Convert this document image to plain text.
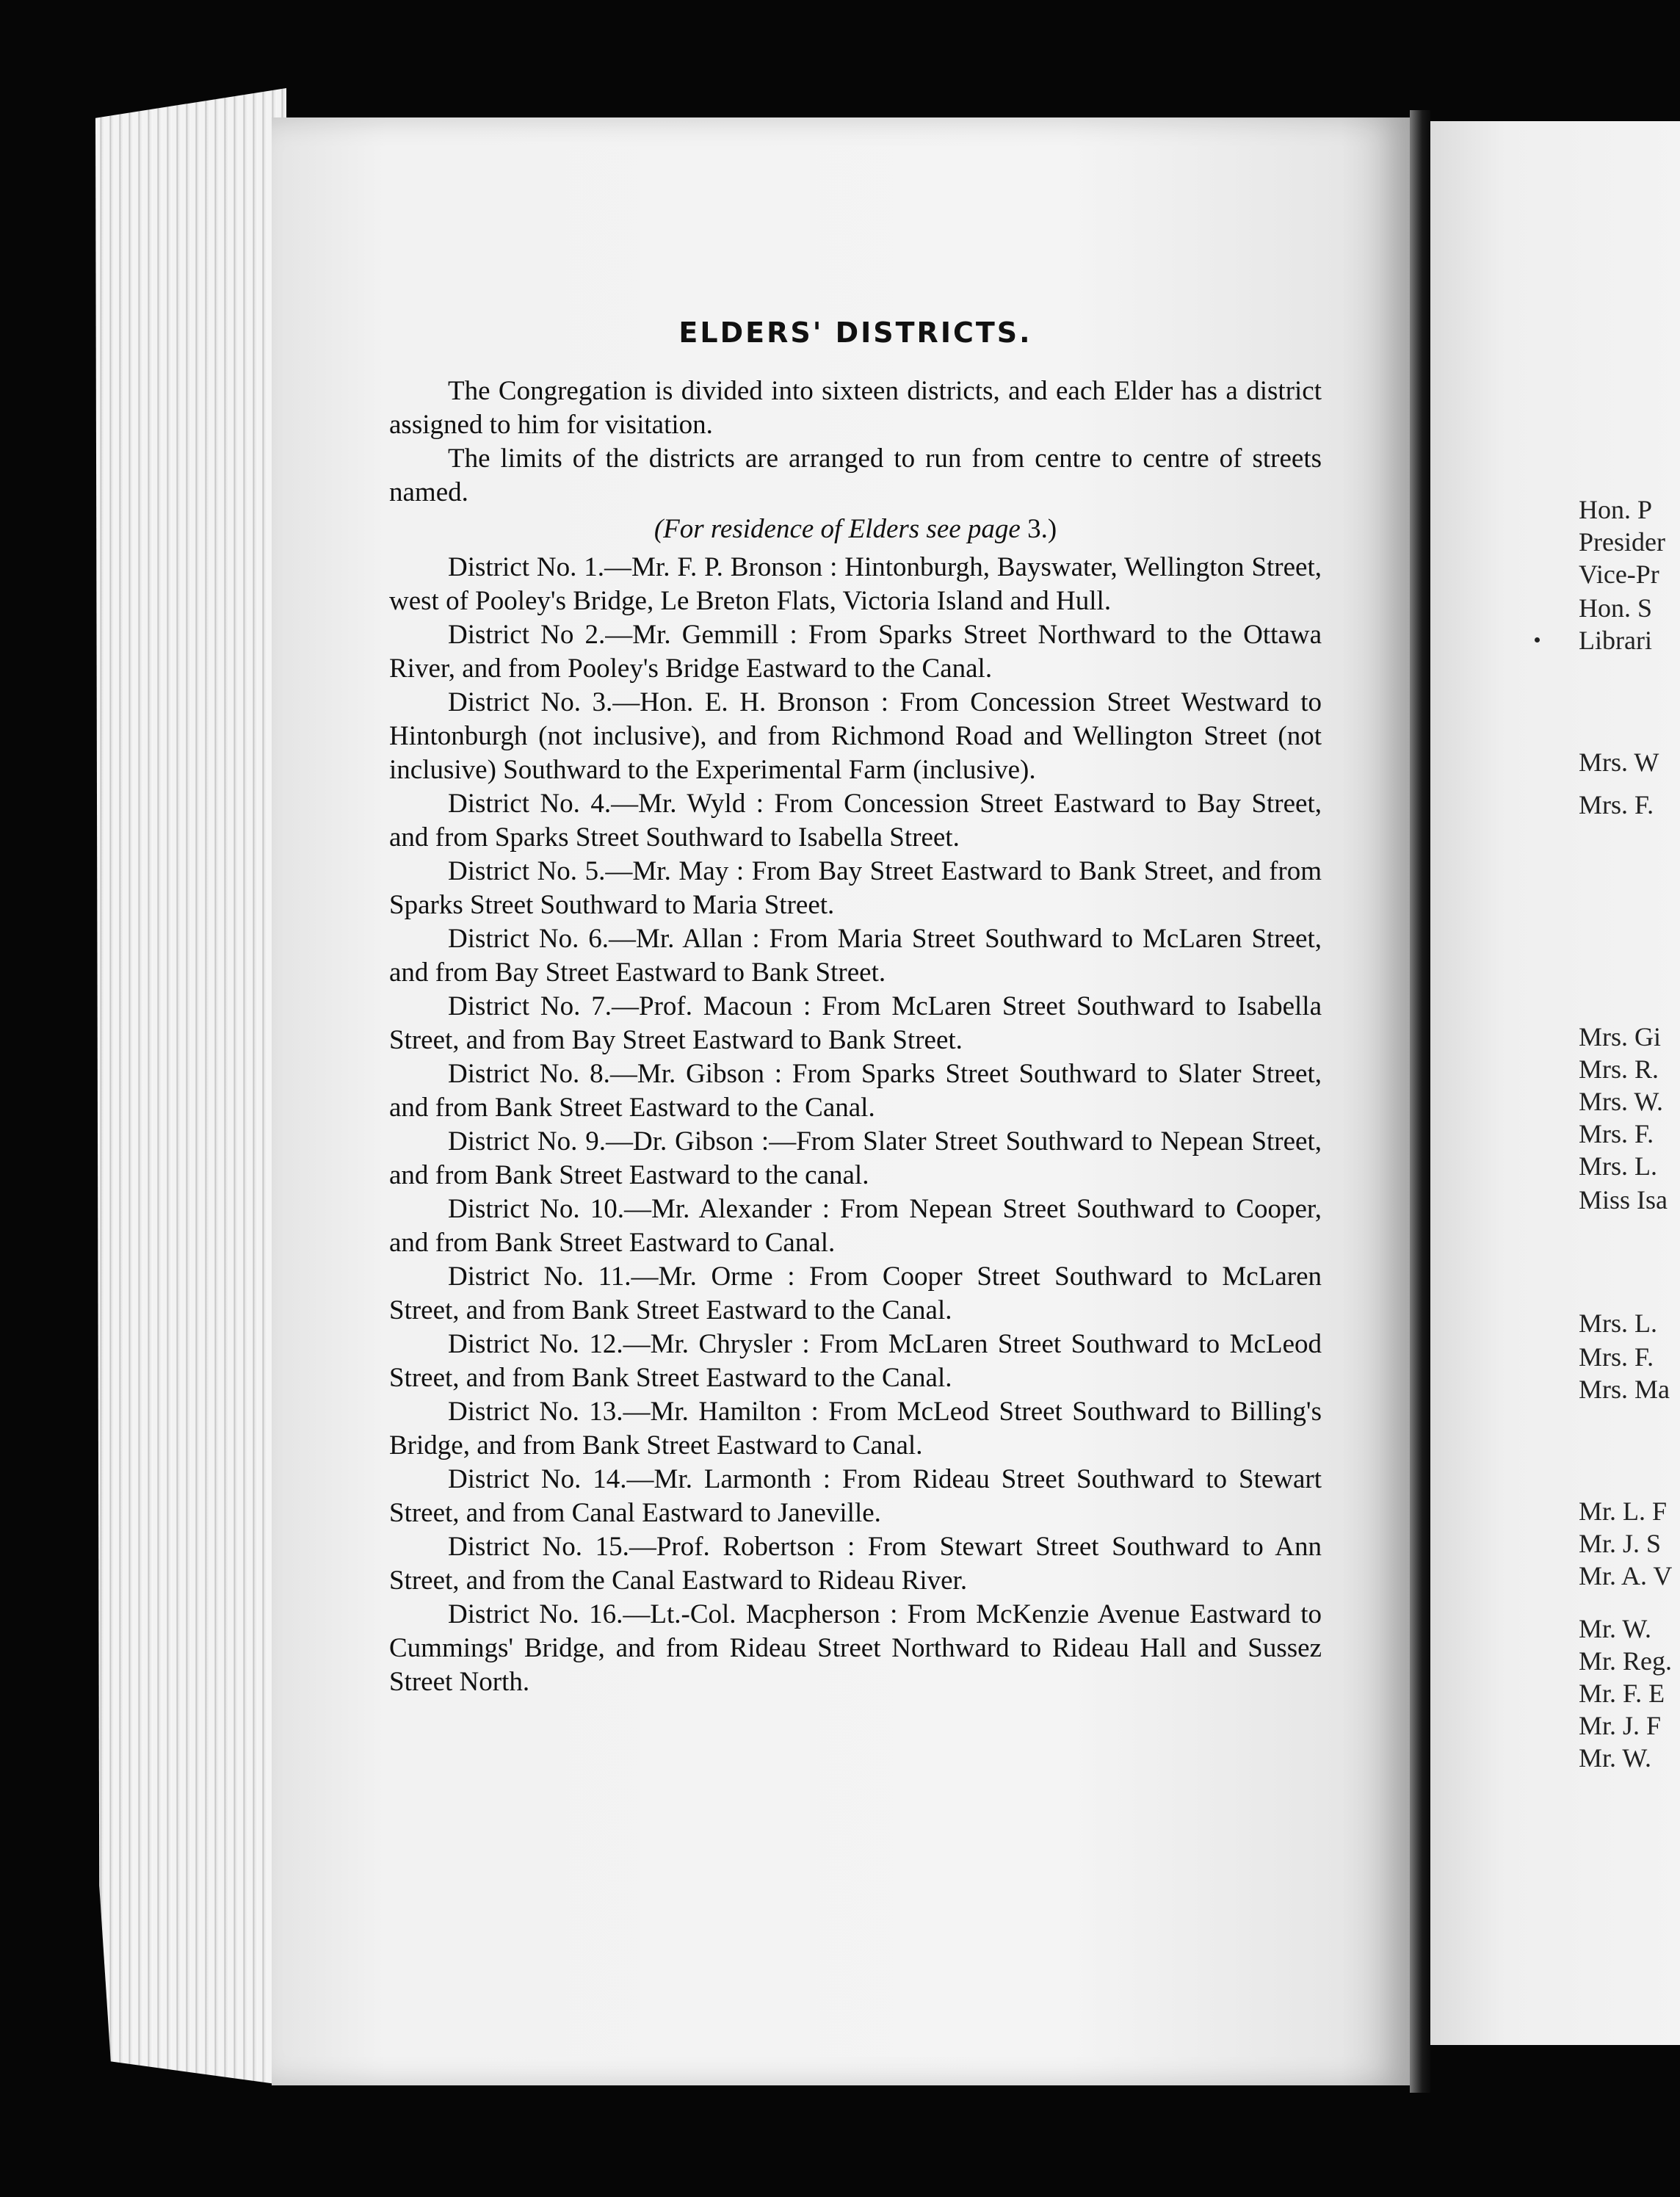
ELDERS' DISTRICTS.

The Congregation is divided into sixteen districts, and each Elder has a district assigned to him for visitation.

The limits of the districts are arranged to run from centre to centre of streets named.

(For residence of Elders see page 3.)

District No. 1.—Mr. F. P. Bronson : Hintonburgh, Bayswater, Wellington Street, west of Pooley's Bridge, Le Breton Flats, Victoria Island and Hull.

District No 2.—Mr. Gemmill : From Sparks Street Northward to the Ottawa River, and from Pooley's Bridge Eastward to the Canal.

District No. 3.—Hon. E. H. Bronson : From Concession Street Westward to Hintonburgh (not inclusive), and from Richmond Road and Wellington Street (not inclusive) Southward to the Experimental Farm (inclusive).

District No. 4.—Mr. Wyld : From Concession Street Eastward to Bay Street, and from Sparks Street Southward to Isabella Street.

District No. 5.—Mr. May : From Bay Street Eastward to Bank Street, and from Sparks Street Southward to Maria Street.

District No. 6.—Mr. Allan : From Maria Street Southward to McLaren Street, and from Bay Street Eastward to Bank Street.

District No. 7.—Prof. Macoun : From McLaren Street Southward to Isabella Street, and from Bay Street Eastward to Bank Street.

District No. 8.—Mr. Gibson : From Sparks Street Southward to Slater Street, and from Bank Street Eastward to the Canal.

District No. 9.—Dr. Gibson :—From Slater Street Southward to Nepean Street, and from Bank Street Eastward to the canal.

District No. 10.—Mr. Alexander : From Nepean Street Southward to Cooper, and from Bank Street Eastward to Canal.

District No. 11.—Mr. Orme : From Cooper Street Southward to McLaren Street, and from Bank Street Eastward to the Canal.

District No. 12.—Mr. Chrysler : From McLaren Street Southward to McLeod Street, and from Bank Street Eastward to the Canal.

District No. 13.—Mr. Hamilton : From McLeod Street Southward to Billing's Bridge, and from Bank Street Eastward to Canal.

District No. 14.—Mr. Larmonth : From Rideau Street Southward to Stewart Street, and from Canal Eastward to Janeville.

District No. 15.—Prof. Robertson : From Stewart Street Southward to Ann Street, and from the Canal Eastward to Rideau River.

District No. 16.—Lt.-Col. Macpherson : From McKenzie Avenue Eastward to Cummings' Bridge, and from Rideau Street Northward to Rideau Hall and Sussez Street North.

Hon. P
Presider
Vice-Pr
Hon. S
Librari
Mrs. W
Mrs. F.
Mrs. Gi
Mrs. R.
Mrs. W.
Mrs. F.
Mrs. L.
Miss Isa
Mrs. L.
Mrs. F.
Mrs. Ma
Mr. L. F
Mr. J. S
Mr. A. V
Mr. W.
Mr. Reg.
Mr. F. E
Mr. J. F
Mr. W.
